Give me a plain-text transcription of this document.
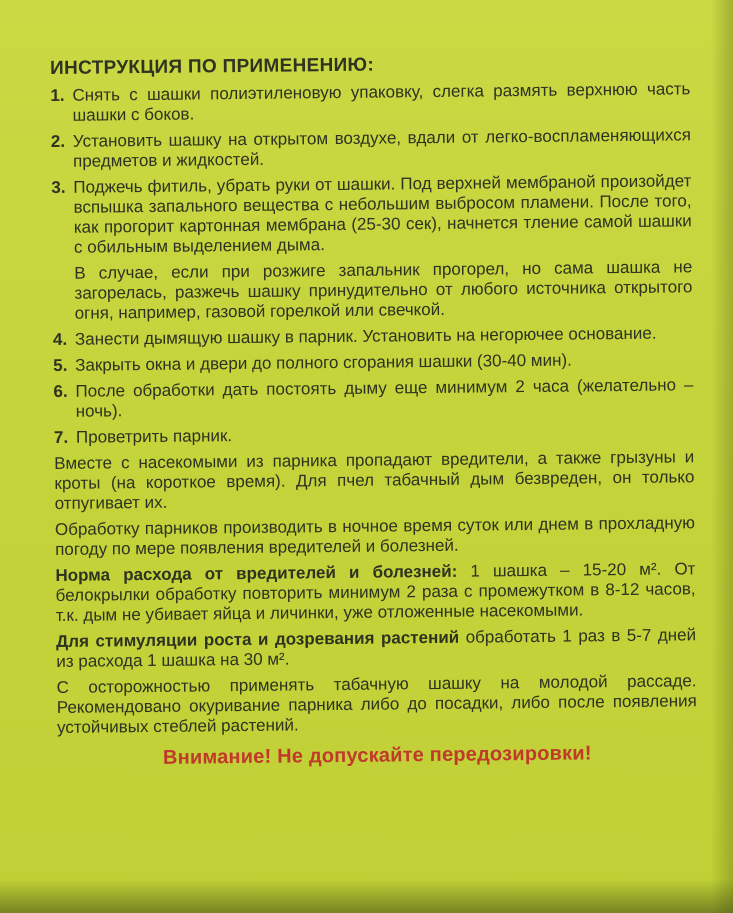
ИНСТРУКЦИЯ ПО ПРИМЕНЕНИЮ:
1. Снять с шашки полиэтиленовую упаковку, слегка размять верхнюю часть шашки с боков.
2. Установить шашку на открытом воздухе, вдали от легко-воспламеняющихся предметов и жидкостей.
3. Поджечь фитиль, убрать руки от шашки. Под верхней мембраной произойдет вспышка запального вещества с небольшим выбросом пламени. После того, как прогорит картонная мембрана (25-30 сек), начнется тление самой шашки с обильным выделением дыма.
В случае, если при розжиге запальник прогорел, но сама шашка не загорелась, разжечь шашку принудительно от любого источника открытого огня, например, газовой горелкой или свечкой.
4. Занести дымящую шашку в парник. Установить на негорючее основание.
5. Закрыть окна и двери до полного сгорания шашки (30-40 мин).
6. После обработки дать постоять дыму еще минимум 2 часа (желательно – ночь).
7. Проветрить парник.
Вместе с насекомыми из парника пропадают вредители, а также грызуны и кроты (на короткое время). Для пчел табачный дым безвреден, он только отпугивает их.
Обработку парников производить в ночное время суток или днем в прохладную погоду по мере появления вредителей и болезней.
Норма расхода от вредителей и болезней: 1 шашка – 15-20 м². От белокрылки обработку повторить минимум 2 раза с промежутком в 8-12 часов, т.к. дым не убивает яйца и личинки, уже отложенные насекомыми.
Для стимуляции роста и дозревания растений обработать 1 раз в 5-7 дней из расхода 1 шашка на 30 м².
С осторожностью применять табачную шашку на молодой рассаде. Рекомендовано окуривание парника либо до посадки, либо после появления устойчивых стеблей растений.
Внимание! Не допускайте передозировки!
